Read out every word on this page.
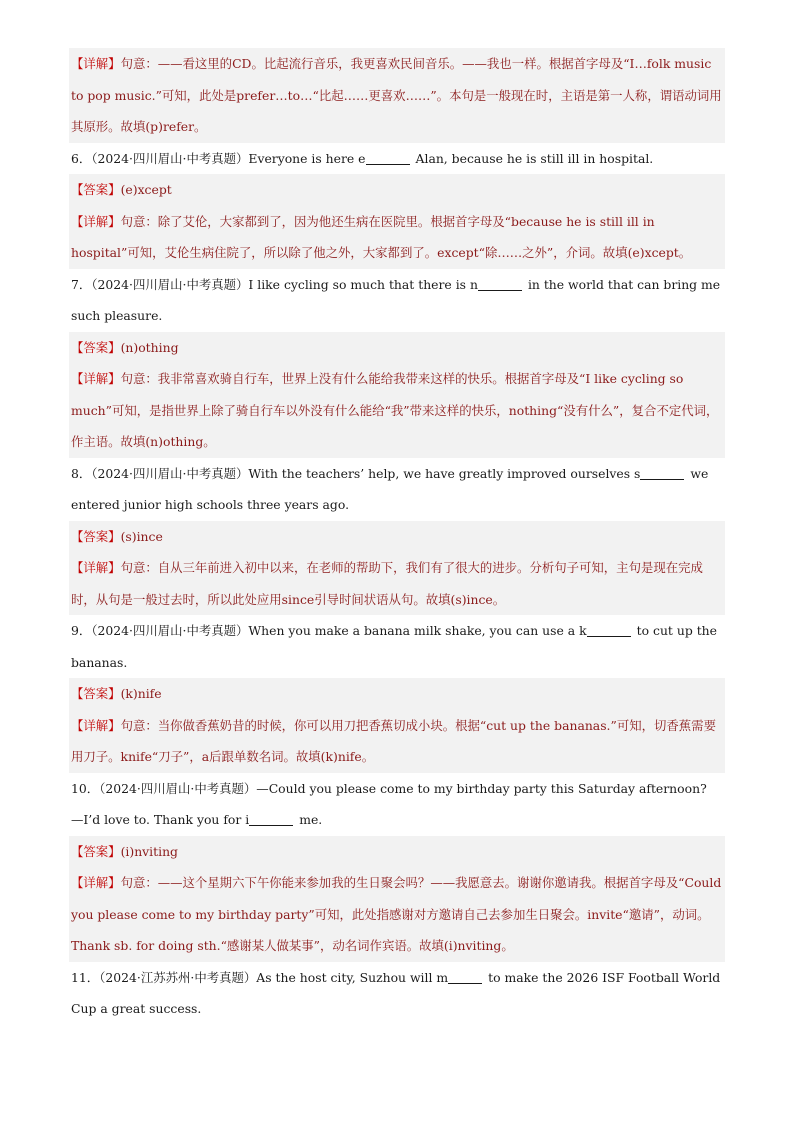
【详解】句意：——看这里的CD。比起流行音乐，我更喜欢民间音乐。——我也一样。根据首字母及“I…folk music to pop music.”可知，此处是prefer…to…“比起……更喜欢……”。本句是一般现在时，主语是第一人称，谓语动词用其原形。故填(p)refer。
6．（2024·四川眉山·中考真题）Everyone is here e	Alan, because he is still ill in hospital.
【答案】(e)xcept
【详解】句意：除了艾伦，大家都到了，因为他还生病在医院里。根据首字母及“because he is still ill in hospital”可知，艾伦生病住院了，所以除了他之外，大家都到了。except“除……之外”，介词。故填(e)xcept。
7．（2024·四川眉山·中考真题）I like cycling so much that there is n	in the world that can bring me such pleasure.
【答案】(n)othing
【详解】句意：我非常喜欢骑自行车，世界上没有什么能给我带来这样的快乐。根据首字母及“I like cycling so much”可知，是指世界上除了骑自行车以外没有什么能给“我”带来这样的快乐，nothing“没有什么”，复合不定代词，作主语。故填(n)othing。
8．（2024·四川眉山·中考真题）With the teachers’ help, we have greatly improved ourselves s	we entered junior high schools three years ago.
【答案】(s)ince
【详解】句意：自从三年前进入初中以来，在老师的帮助下，我们有了很大的进步。分析句子可知，主句是现在完成时，从句是一般过去时，所以此处应用since引导时间状语从句。故填(s)ince。
9．（2024·四川眉山·中考真题）When you make a banana milk shake, you can use a k	to cut up the bananas.
【答案】(k)nife
【详解】句意：当你做香蕉奶昔的时候，你可以用刀把香蕉切成小块。根据“cut up the bananas.”可知，切香蕉需要用刀子。knife“刀子”，a后跟单数名词。故填(k)nife。
10．（2024·四川眉山·中考真题）—Could you please come to my birthday party this Saturday afternoon?
—I’d love to. Thank you for i	me.
【答案】(i)nviting
【详解】句意：——这个星期六下午你能来参加我的生日聚会吗？——我愿意去。谢谢你邀请我。根据首字母及“Could you please come to my birthday party”可知，此处指感谢对方邀请自己去参加生日聚会。invite“邀请”，动词。Thank sb. for doing sth.“感谢某人做某事”，动名词作宾语。故填(i)nviting。
11．（2024·江苏苏州·中考真题）As the host city, Suzhou will m	to make the 2026 ISF Football World Cup a great success.
